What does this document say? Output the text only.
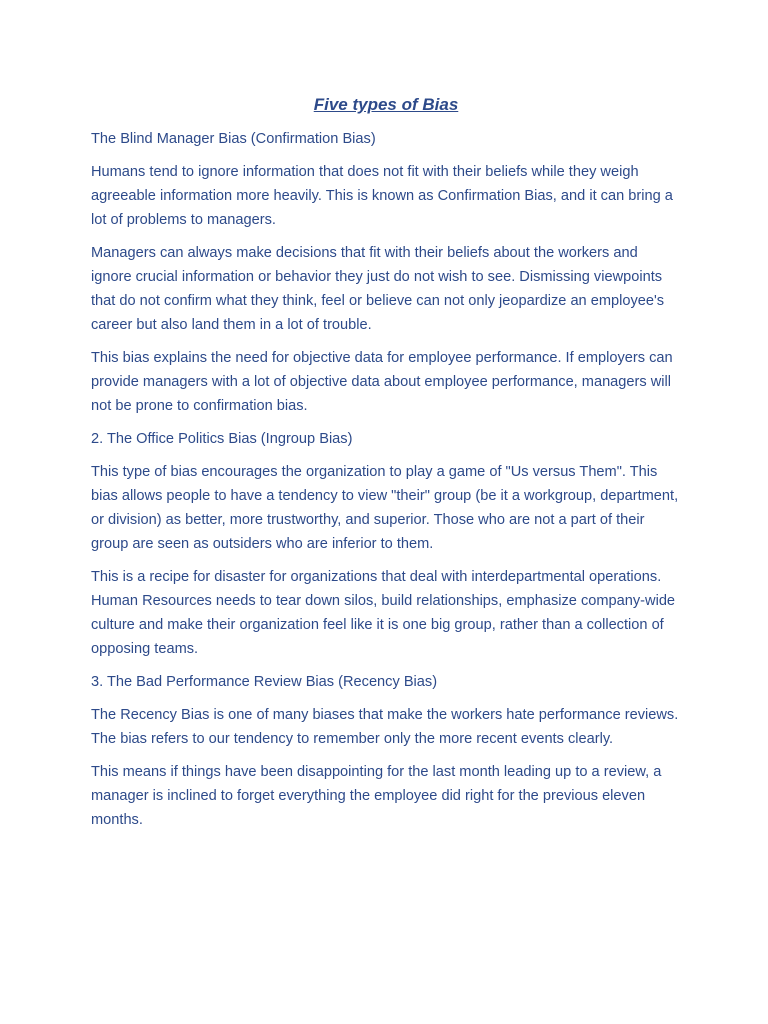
Five types of Bias

The Blind Manager Bias (Confirmation Bias)

Humans tend to ignore information that does not fit with their beliefs while they weigh agreeable information more heavily. This is known as Confirmation Bias, and it can bring a lot of problems to managers.

Managers can always make decisions that fit with their beliefs about the workers and ignore crucial information or behavior they just do not wish to see. Dismissing viewpoints that do not confirm what they think, feel or believe can not only jeopardize an employee's career but also land them in a lot of trouble.

This bias explains the need for objective data for employee performance. If employers can provide managers with a lot of objective data about employee performance, managers will not be prone to confirmation bias.

2. The Office Politics Bias (Ingroup Bias)

This type of bias encourages the organization to play a game of "Us versus Them". This bias allows people to have a tendency to view "their" group (be it a workgroup, department, or division) as better, more trustworthy, and superior. Those who are not a part of their group are seen as outsiders who are inferior to them.

This is a recipe for disaster for organizations that deal with interdepartmental operations. Human Resources needs to tear down silos, build relationships, emphasize company-wide culture and make their organization feel like it is one big group, rather than a collection of opposing teams.

3. The Bad Performance Review Bias (Recency Bias)

The Recency Bias is one of many biases that make the workers hate performance reviews. The bias refers to our tendency to remember only the more recent events clearly.

This means if things have been disappointing for the last month leading up to a review, a manager is inclined to forget everything the employee did right for the previous eleven months.
